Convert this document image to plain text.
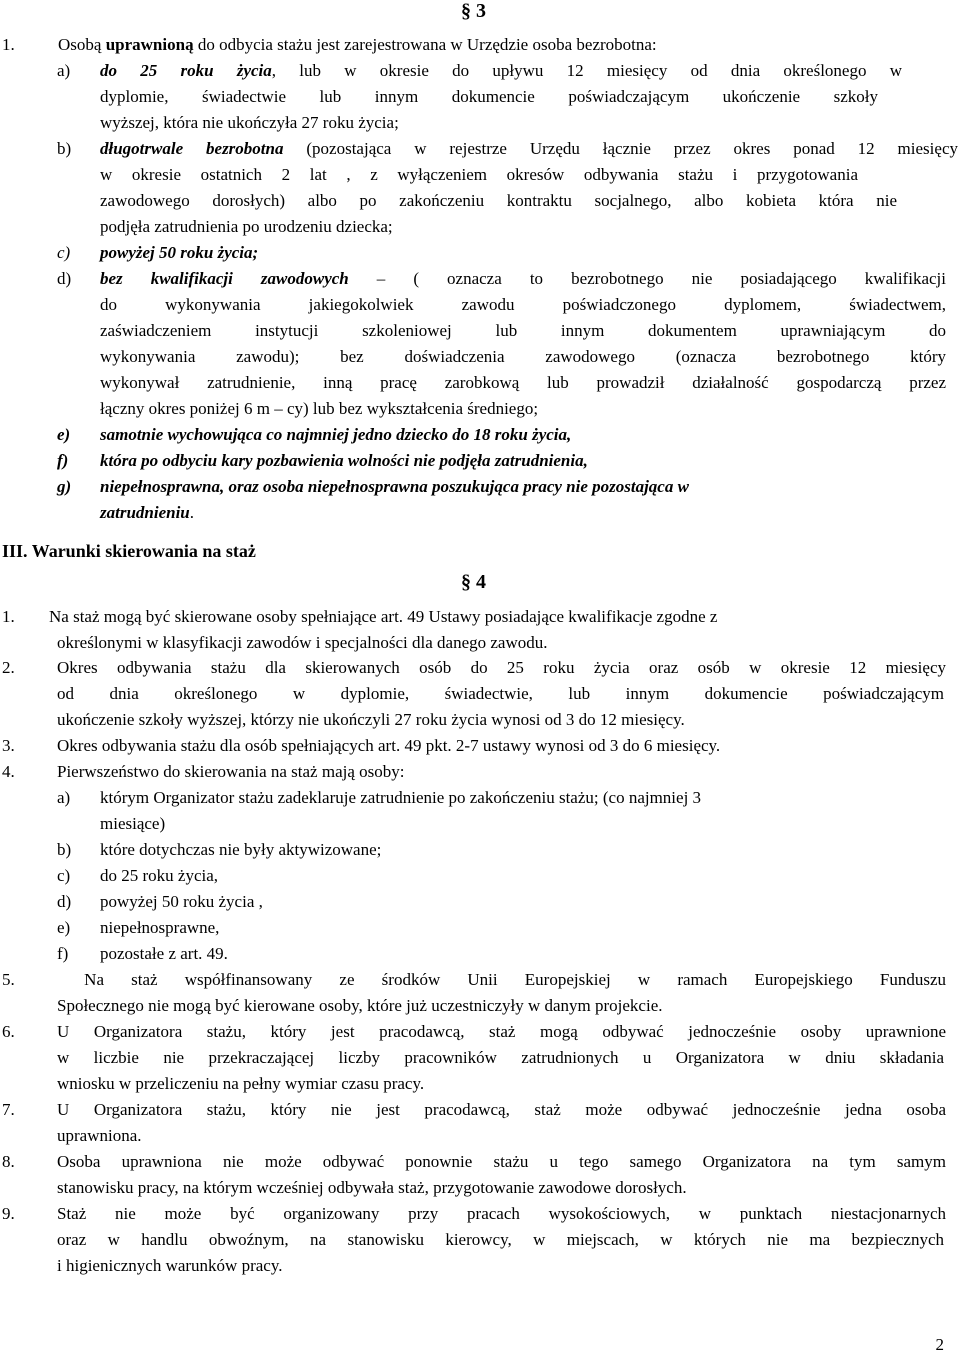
§ 3
1.	Osobą uprawnioną do odbycia stażu jest zarejestrowana w Urzędzie osoba bezrobotna:
a) do 25 roku życia, lub w okresie do upływu 12 miesięcy od dnia określonego w
dyplomie, świadectwie lub innym dokumencie poświadczającym ukończenie szkoły
wyższej, która nie ukończyła 27 roku życia;
b) długotrwale bezrobotna (pozostająca w rejestrze Urzędu łącznie przez okres ponad 12 miesięcy
w okresie ostatnich 2 lat , z wyłączeniem okresów odbywania stażu i przygotowania
zawodowego dorosłych) albo po zakończeniu kontraktu socjalnego, albo kobieta która nie
podjęła zatrudnienia po urodzeniu dziecka;
c) powyżej 50 roku życia;
d) bez kwalifikacji zawodowych – ( oznacza to bezrobotnego nie posiadającego kwalifikacji
do wykonywania jakiegokolwiek zawodu poświadczonego dyplomem, świadectwem,
zaświadczeniem instytucji szkoleniowej lub innym dokumentem uprawniającym do
wykonywania zawodu); bez doświadczenia zawodowego (oznacza bezrobotnego który
wykonywał zatrudnienie, inną pracę zarobkową lub prowadził działalność gospodarczą przez
łączny okres poniżej 6 m – cy) lub bez wykształcenia średniego;
e) samotnie wychowująca co najmniej jedno dziecko do 18 roku życia,
f) która po odbyciu kary pozbawienia wolności nie podjęła zatrudnienia,
g) niepełnosprawna, oraz osoba niepełnosprawna poszukująca pracy nie pozostająca w
zatrudnieniu.
III. Warunki skierowania na staż
§ 4
1. Na staż mogą być skierowane osoby spełniające art. 49 Ustawy posiadające kwalifikacje zgodne z
określonymi w klasyfikacji zawodów i specjalności dla danego zawodu.
2. Okres odbywania stażu dla skierowanych osób do 25 roku życia oraz osób w okresie 12 miesięcy
od dnia określonego w dyplomie, świadectwie, lub innym dokumencie poświadczającym
ukończenie szkoły wyższej, którzy nie ukończyli 27 roku życia wynosi od 3 do 12 miesięcy.
3. Okres odbywania stażu dla osób spełniających art. 49 pkt. 2-7 ustawy wynosi od 3 do 6 miesięcy.
4. Pierwszeństwo do skierowania na staż mają osoby:
a) którym Organizator stażu zadeklaruje zatrudnienie po zakończeniu stażu; (co najmniej 3
miesiące)
b) które dotychczas nie były aktywizowane;
c) do 25 roku życia,
d) powyżej 50 roku życia ,
e) niepełnosprawne,
f) pozostałe z art. 49.
5. Na staż współfinansowany ze środków Unii Europejskiej w ramach Europejskiego Funduszu
Społecznego nie mogą być kierowane osoby, które już uczestniczyły w danym projekcie.
6. U Organizatora stażu, który jest pracodawcą, staż mogą odbywać jednocześnie osoby uprawnione
w liczbie nie przekraczającej liczby pracowników zatrudnionych u Organizatora w dniu składania
wniosku w przeliczeniu na pełny wymiar czasu pracy.
7. U Organizatora stażu, który nie jest pracodawcą, staż może odbywać jednocześnie jedna osoba
uprawniona.
8. Osoba uprawniona nie może odbywać ponownie stażu u tego samego Organizatora na tym samym
stanowisku pracy, na którym wcześniej odbywała staż, przygotowanie zawodowe dorosłych.
9. Staż nie może być organizowany przy pracach wysokościowych, w punktach niestacjonarnych
oraz w handlu obwoźnym, na stanowisku kierowcy, w miejscach, w których nie ma bezpiecznych
i higienicznych warunków pracy.
2
